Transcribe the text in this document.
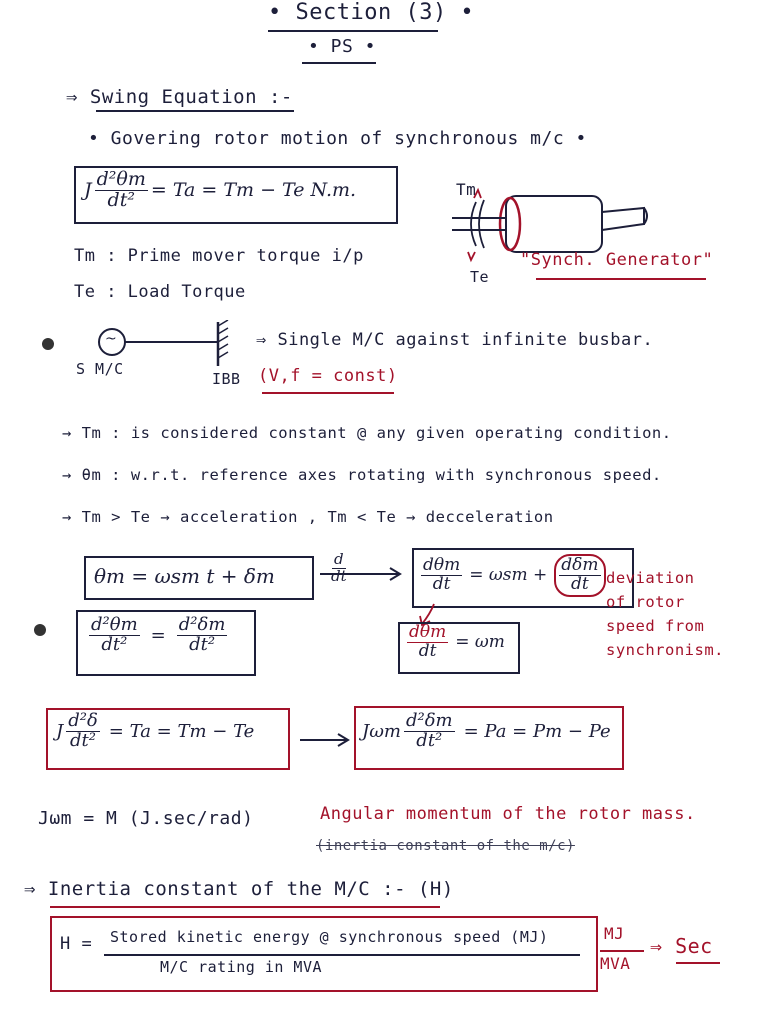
• Section (3) •
• PS •
⇒ Swing Equation :-
• Govering rotor motion of synchronous m/c •
J $\frac{\text{d²θm}}{\text{dt²}} = Ta = Tm - Te$ N.m.
Tm : Prime mover torque i/p
Te : Load Torque
Tm
Te
"Synch. Generator"
~
S M/C
IBB (V,f = const)
⇒ Single M/C against infinite busbar.
→ Tm : is considered constant @ any given operating condition.
→ θm : w.r.t. reference axes rotating with synchronous speed.
→ Tm > Te → acceleration , Tm < Te → decceleration
θm = ωsm t + δm	$\frac{d}{dt}$	$\frac{\text{dθm}}{dt} = \omega sm + \frac{\text{dδm}}{dt}$ deviation
of rotor
speed from
synchronism.
$\frac{\text{d²θm}}{\text{dt²}} = \frac{\text{d²δm}}{\text{dt²}}$	$\frac{\text{dθm}}{dt} = \omega m$
J $\frac{\text{d²δ}}{\text{dt²}} = Ta = Tm - Te$	Jωm $\frac{\text{d²δm}}{\text{dt²}} = Pa = Pm - Pe$
Jωm = M (J.sec/rad)	Angular momentum of the rotor mass.
(inertia constant of the m/c)
⇒ Inertia constant of the M/C :- (H)
H = Stored kinetic energy @ synchronous speed (MJ)
M/C rating in MVA
MJ
MVA
⇒ Sec
